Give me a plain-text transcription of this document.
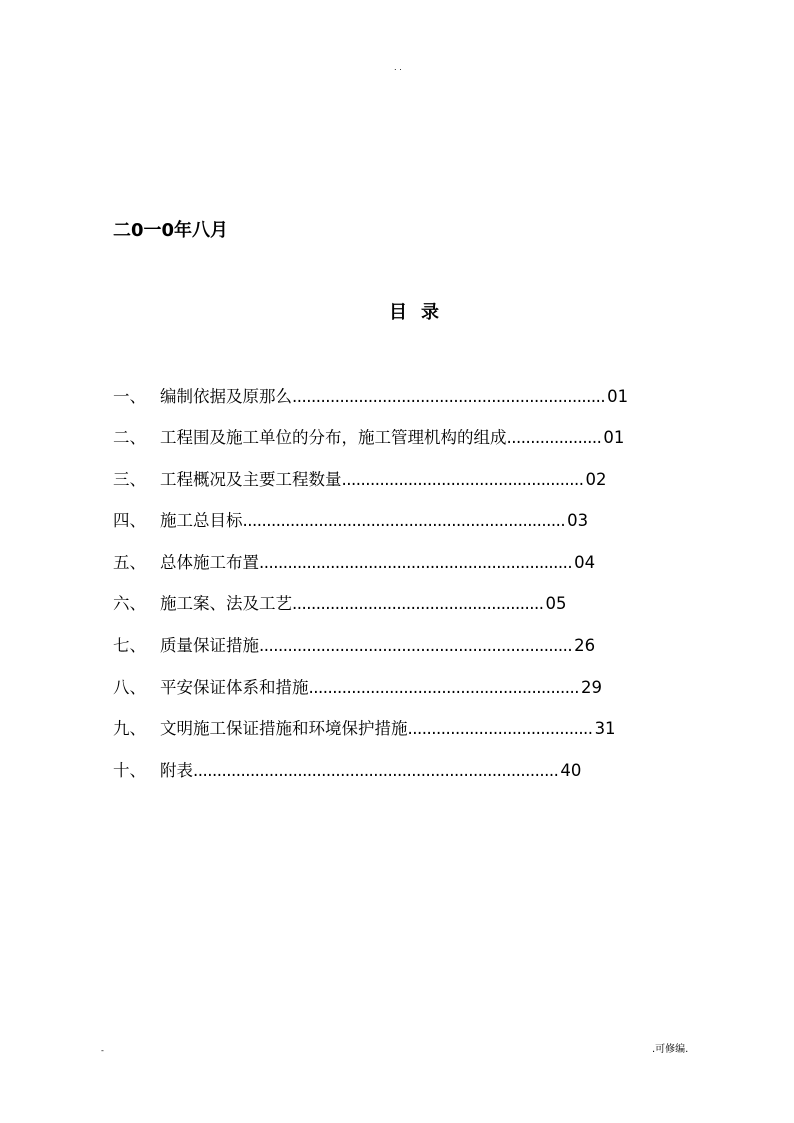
. .
二0一0年八月
目 录
一、 编制依据及原那么.................................................................. 01
二、 工程围及施工单位的分布，施工管理机构的组成.................... 01
三、 工程概况及主要工程数量................................................... 02
四、 施工总目标.................................................................... 03
五、 总体施工布置.................................................................. 04
六、 施工案、法及工艺..................................................... 05
七、 质量保证措施.................................................................. 26
八、 平安保证体系和措施......................................................... 29
九、 文明施工保证措施和环境保护措施....................................... 31
十、 附表............................................................................. 40
-	.可修编.
